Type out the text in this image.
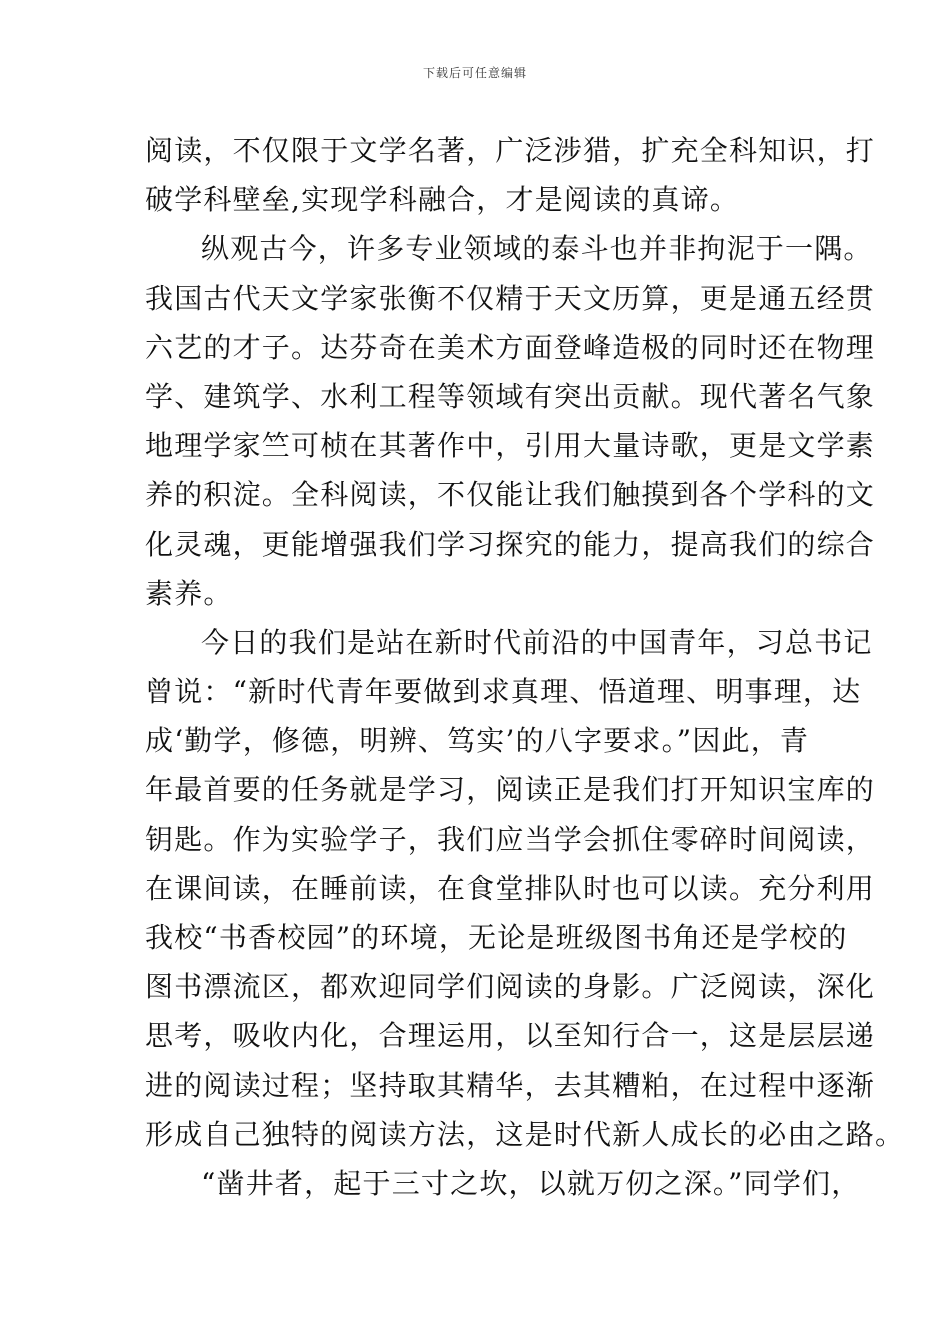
下载后可任意编辑
阅读，不仅限于文学名著，广泛涉猎，扩充全科知识，打
破学科壁垒,实现学科融合，才是阅读的真谛。
纵观古今，许多专业领域的泰斗也并非拘泥于一隅。
我国古代天文学家张衡不仅精于天文历算，更是通五经贯
六艺的才子。达芬奇在美术方面登峰造极的同时还在物理
学、建筑学、水利工程等领域有突出贡献。现代著名气象
地理学家竺可桢在其著作中，引用大量诗歌，更是文学素
养的积淀。全科阅读，不仅能让我们触摸到各个学科的文
化灵魂，更能增强我们学习探究的能力，提高我们的综合
素养。
今日的我们是站在新时代前沿的中国青年，习总书记
曾说：“新时代青年要做到求真理、悟道理、明事理，达
成‘勤学，修德，明辨、笃实’的八字要求。”因此，青
年最首要的任务就是学习，阅读正是我们打开知识宝库的
钥匙。作为实验学子，我们应当学会抓住零碎时间阅读，
在课间读，在睡前读，在食堂排队时也可以读。充分利用
我校“书香校园”的环境，无论是班级图书角还是学校的
图书漂流区，都欢迎同学们阅读的身影。广泛阅读，深化
思考，吸收内化，合理运用，以至知行合一，这是层层递
进的阅读过程；坚持取其精华，去其糟粕，在过程中逐渐
形成自己独特的阅读方法，这是时代新人成长的必由之路。
“凿井者，起于三寸之坎，以就万仞之深。”同学们，
